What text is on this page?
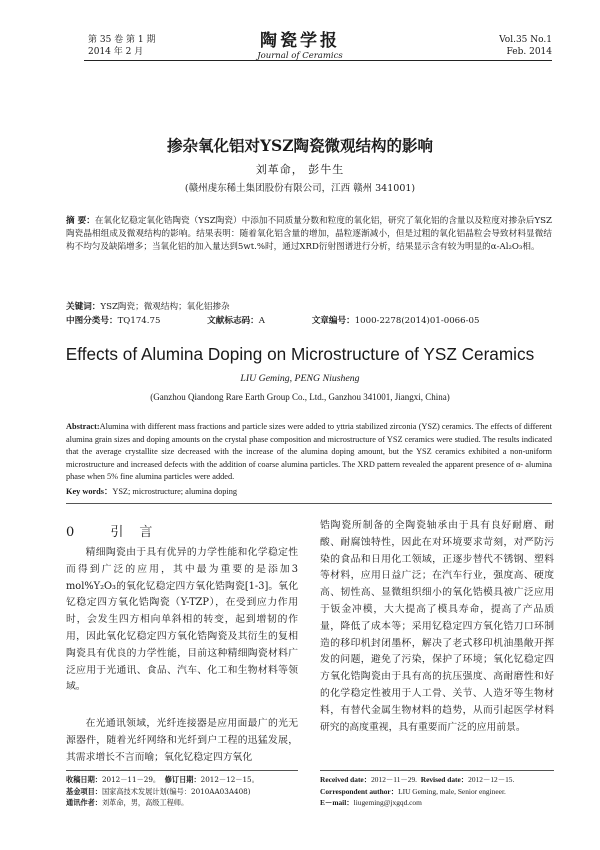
第 35 卷 第 1 期
2014 年 2 月
陶瓷学报
Journal of Ceramics
Vol.35 No.1
Feb. 2014
掺杂氧化铝对YSZ陶瓷微观结构的影响
刘革命， 彭牛生
(赣州虔东稀土集团股份有限公司，江西 赣州 341001)
摘 要：在氧化钇稳定氧化锆陶瓷（YSZ陶瓷）中添加不同质量分数和粒度的氧化铝，研究了氧化铝的含量以及粒度对掺杂后YSZ陶瓷晶相组成及微观结构的影响。结果表明：随着氧化铝含量的增加，晶粒逐渐减小，但是过粗的氧化铝晶粒会导致材料显微结构不均匀及缺陷增多；当氧化铝的加入量达到5wt.%时，通过XRD衍射图谱进行分析，结果显示含有较为明显的α-Al₂O₃相。
关键词：YSZ陶瓷；微观结构；氧化铝掺杂
中图分类号：TQ174.75	文献标志码：A	文章编号：1000-2278(2014)01-0066-05
Effects of Alumina Doping on Microstructure of YSZ Ceramics
LIU Geming, PENG Niusheng
(Ganzhou Qiandong Rare Earth Group Co., Ltd., Ganzhou 341001, Jiangxi, China)
Abstract:Alumina with different mass fractions and particle sizes were added to yttria stabilized zirconia (YSZ) ceramics. The effects of different alumina grain sizes and doping amounts on the crystal phase composition and microstructure of YSZ ceramics were studied. The results indicated that the average crystallite size decreased with the increase of the alumina doping amount, but the YSZ ceramics exhibited a non-uniform microstructure and increased defects with the addition of coarse alumina particles. The XRD pattern revealed the apparent presence of α- alumina phase when 5% fine alumina particles were added.
Key words：YSZ; microstructure; alumina doping
0 引言

精细陶瓷由于具有优异的力学性能和化学稳定性而得到广泛的应用，其中最为重要的是添加3 mol%Y₂O₃的氧化钇稳定四方氧化锆陶瓷[1-3]。氧化钇稳定四方氧化锆陶瓷（Y-TZP），在受到应力作用时，会发生四方相向单斜相的转变，起到增韧的作用，因此氧化钇稳定四方氧化锆陶瓷及其衍生的复相陶瓷具有优良的力学性能，目前这种精细陶瓷材料广泛应用于光通讯、食品、汽车、化工和生物材料等领域。

在光通讯领域，光纤连接器是应用面最广的光无源器件，随着光纤网络和光纤到户工程的迅猛发展，其需求增长不言而喻；氧化钇稳定四方氧化

锆陶瓷所制备的全陶瓷轴承由于具有良好耐磨、耐酸、耐腐蚀特性，因此在对环境要求苛刻，对严防污染的食品和日用化工领域，正逐步替代不锈钢、塑料等材料，应用日益广泛；在汽车行业，强度高、硬度高、韧性高、显微组织细小的氧化锆模具被广泛应用于钣金冲模，大大提高了模具寿命，提高了产品质量，降低了成本等；采用钇稳定四方氧化锆刀口环制造的移印机封闭墨杯，解决了老式移印机油墨敞开挥发的问题，避免了污染，保护了环境；氧化钇稳定四方氧化锆陶瓷由于具有高的抗压强度、高耐磨性和好的化学稳定性被用于人工骨、关节、人造牙等生物材料，有替代金属生物材料的趋势，从而引起医学材料研究的高度重视，具有重要而广泛的应用前景。

收稿日期：2012－11－29。 修订日期：2012－12－15。
基金项目：国家高技术发展计划(编号：2010AA03A408)
通讯作者：刘革命，男，高级工程师。
Received date：2012－11－29. Revised date：2012－12－15.
Correspondent author：LIU Geming, male, Senior engineer.
E－mail：liugeming@jxgqd.com
